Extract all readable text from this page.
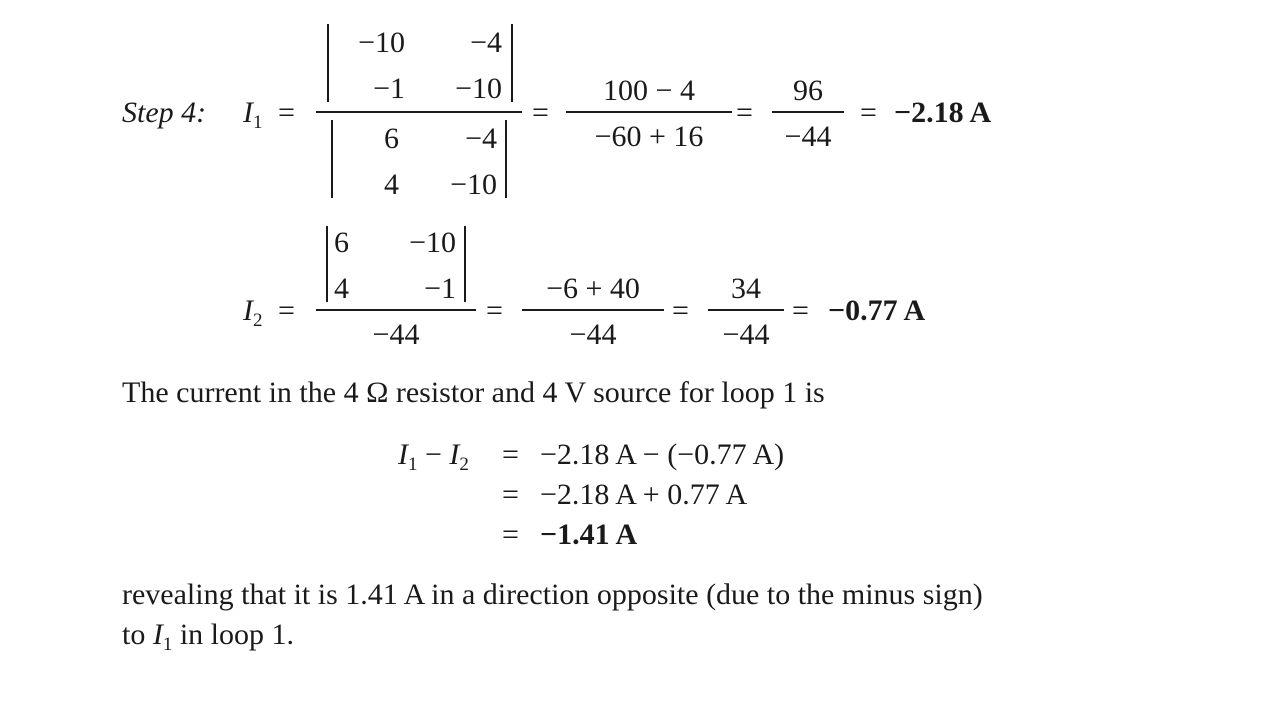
Step 4: $I_1$ =
−10	−4
−1	−10
6	−4
4	−10
=
100 − 4
−60 + 16
=
96
−44
= −2.18 A
$I_2$ =
6	−10
4	−1
−44
=
−6 + 40
−44
=
34
−44
= −0.77 A
The current in the 4 Ω resistor and 4 V source for loop 1 is
$I_1 - I_2 = -2.18$ A − (−0.77 A)
= −2.18 A + 0.77 A
= −1.41 A
revealing that it is 1.41 A in a direction opposite (due to the minus sign)
to $I_1$ in loop 1.
